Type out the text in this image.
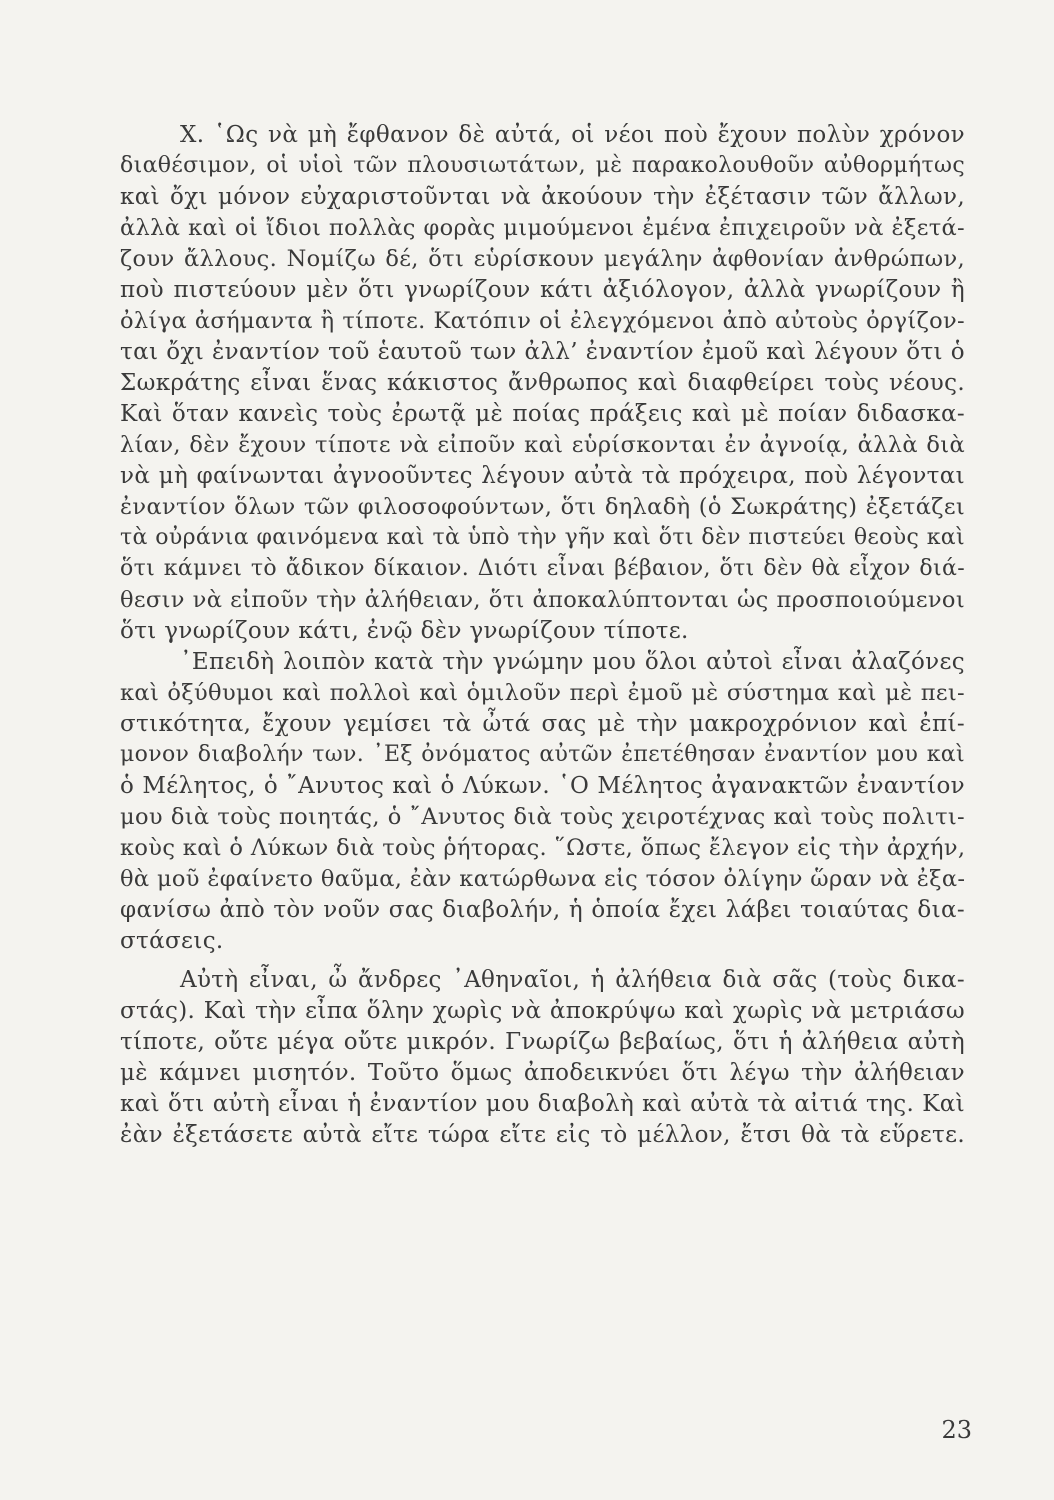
X. ῾Ως νὰ μὴ ἔφθανον δὲ αὐτά, οἱ νέοι ποὺ ἔχουν πολὺν χρόνον
διαθέσιμον, οἱ υἱοὶ τῶν πλουσιωτάτων, μὲ παρακολουθοῦν αὐθορμήτως
καὶ ὄχι μόνον εὐχαριστοῦνται νὰ ἀκούουν τὴν ἐξέτασιν τῶν ἄλλων,
ἀλλὰ καὶ οἱ ἴδιοι πολλὰς φορὰς μιμούμενοι ἐμένα ἐπιχειροῦν νὰ ἐξετά-
ζουν ἄλλους. Νομίζω δέ, ὅτι εὑρίσκουν μεγάλην ἀφθονίαν ἀνθρώπων,
ποὺ πιστεύουν μὲν ὅτι γνωρίζουν κάτι ἀξιόλογον, ἀλλὰ γνωρίζουν ἢ
ὀλίγα ἀσήμαντα ἢ τίποτε. Κατόπιν οἱ ἐλεγχόμενοι ἀπὸ αὐτοὺς ὀργίζον-
ται ὄχι ἐναντίον τοῦ ἑαυτοῦ των ἀλλ’ ἐναντίον ἐμοῦ καὶ λέγουν ὅτι ὁ
Σωκράτης εἶναι ἕνας κάκιστος ἄνθρωπος καὶ διαφθείρει τοὺς νέους.
Καὶ ὅταν κανεὶς τοὺς ἐρωτᾷ μὲ ποίας πράξεις καὶ μὲ ποίαν διδασκα-
λίαν, δὲν ἔχουν τίποτε νὰ εἰποῦν καὶ εὑρίσκονται ἐν ἀγνοίᾳ, ἀλλὰ διὰ
νὰ μὴ φαίνωνται ἀγνοοῦντες λέγουν αὐτὰ τὰ πρόχειρα, ποὺ λέγονται
ἐναντίον ὅλων τῶν φιλοσοφούντων, ὅτι δηλαδὴ (ὁ Σωκράτης) ἐξετάζει
τὰ οὐράνια φαινόμενα καὶ τὰ ὑπὸ τὴν γῆν καὶ ὅτι δὲν πιστεύει θεοὺς καὶ
ὅτι κάμνει τὸ ἄδικον δίκαιον. Διότι εἶναι βέβαιον, ὅτι δὲν θὰ εἶχον διά-
θεσιν νὰ εἰποῦν τὴν ἀλήθειαν, ὅτι ἀποκαλύπτονται ὡς προσποιούμενοι
ὅτι γνωρίζουν κάτι, ἐνῷ δὲν γνωρίζουν τίποτε.
᾿Επειδὴ λοιπὸν κατὰ τὴν γνώμην μου ὅλοι αὐτοὶ εἶναι ἀλαζόνες
καὶ ὀξύθυμοι καὶ πολλοὶ καὶ ὁμιλοῦν περὶ ἐμοῦ μὲ σύστημα καὶ μὲ πει-
στικότητα, ἔχουν γεμίσει τὰ ὦτά σας μὲ τὴν μακροχρόνιον καὶ ἐπί-
μονον διαβολήν των. ᾿Εξ ὀνόματος αὐτῶν ἐπετέθησαν ἐναντίον μου καὶ
ὁ Μέλητος, ὁ ῎Ανυτος καὶ ὁ Λύκων. ῾Ο Μέλητος ἀγανακτῶν ἐναντίον
μου διὰ τοὺς ποιητάς, ὁ ῎Ανυτος διὰ τοὺς χειροτέχνας καὶ τοὺς πολιτι-
κοὺς καὶ ὁ Λύκων διὰ τοὺς ῥήτορας. ῞Ωστε, ὅπως ἔλεγον εἰς τὴν ἀρχήν,
θὰ μοῦ ἐφαίνετο θαῦμα, ἐὰν κατώρθωνα εἰς τόσον ὀλίγην ὥραν νὰ ἐξα-
φανίσω ἀπὸ τὸν νοῦν σας διαβολήν, ἡ ὁποία ἔχει λάβει τοιαύτας δια-
στάσεις.
Αὐτὴ εἶναι, ὦ ἄνδρες ᾿Αθηναῖοι, ἡ ἀλήθεια διὰ σᾶς (τοὺς δικα-
στάς). Καὶ τὴν εἶπα ὅλην χωρὶς νὰ ἀποκρύψω καὶ χωρὶς νὰ μετριάσω
τίποτε, οὔτε μέγα οὔτε μικρόν. Γνωρίζω βεβαίως, ὅτι ἡ ἀλήθεια αὐτὴ
μὲ κάμνει μισητόν. Τοῦτο ὅμως ἀποδεικνύει ὅτι λέγω τὴν ἀλήθειαν
καὶ ὅτι αὐτὴ εἶναι ἡ ἐναντίον μου διαβολὴ καὶ αὐτὰ τὰ αἰτιά της. Καὶ
ἐὰν ἐξετάσετε αὐτὰ εἴτε τώρα εἴτε εἰς τὸ μέλλον, ἔτσι θὰ τὰ εὕρετε.
23
